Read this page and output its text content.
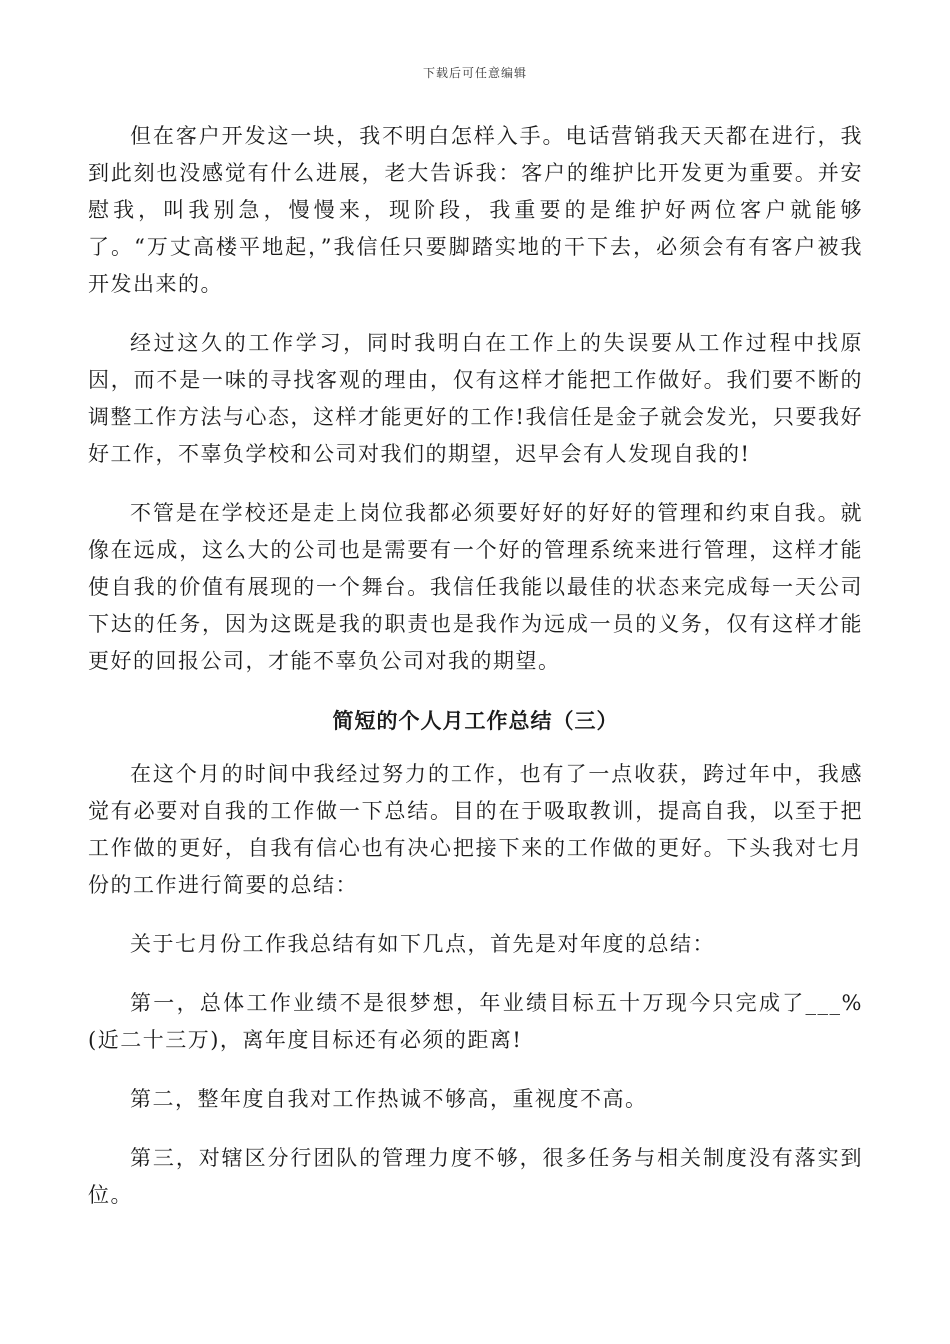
下载后可任意编辑

但在客户开发这一块，我不明白怎样入手。电话营销我天天都在进行，我到此刻也没感觉有什么进展，老大告诉我：客户的维护比开发更为重要。并安慰我，叫我别急，慢慢来，现阶段，我重要的是维护好两位客户就能够了。“万丈高楼平地起，”我信任只要脚踏实地的干下去，必须会有有客户被我开发出来的。

经过这久的工作学习，同时我明白在工作上的失误要从工作过程中找原因，而不是一味的寻找客观的理由，仅有这样才能把工作做好。我们要不断的调整工作方法与心态，这样才能更好的工作!我信任是金子就会发光，只要我好好工作，不辜负学校和公司对我们的期望，迟早会有人发现自我的!

不管是在学校还是走上岗位我都必须要好好的好好的管理和约束自我。就像在远成，这么大的公司也是需要有一个好的管理系统来进行管理，这样才能使自我的价值有展现的一个舞台。我信任我能以最佳的状态来完成每一天公司下达的任务，因为这既是我的职责也是我作为远成一员的义务，仅有这样才能更好的回报公司，才能不辜负公司对我的期望。

简短的个人月工作总结（三）

在这个月的时间中我经过努力的工作，也有了一点收获，跨过年中，我感觉有必要对自我的工作做一下总结。目的在于吸取教训，提高自我，以至于把工作做的更好，自我有信心也有决心把接下来的工作做的更好。下头我对七月份的工作进行简要的总结：

关于七月份工作我总结有如下几点，首先是对年度的总结：

第一，总体工作业绩不是很梦想，年业绩目标五十万现今只完成了___%(近二十三万)，离年度目标还有必须的距离!

第二，整年度自我对工作热诚不够高，重视度不高。

第三，对辖区分行团队的管理力度不够，很多任务与相关制度没有落实到位。
